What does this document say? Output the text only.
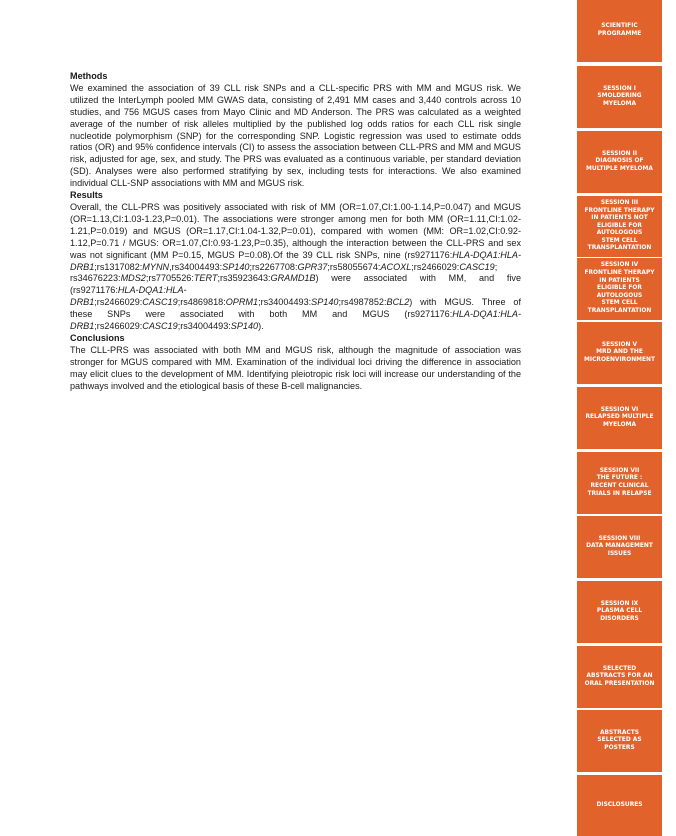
Methods

We examined the association of 39 CLL risk SNPs and a CLL-specific PRS with MM and MGUS risk. We utilized the InterLymph pooled MM GWAS data, consisting of 2,491 MM cases and 3,440 controls across 10 studies, and 756 MGUS cases from Mayo Clinic and MD Anderson. The PRS was calculated as a weighted average of the number of risk alleles multiplied by the published log odds ratios for each CLL risk single nucleotide polymorphism (SNP) for the corresponding SNP. Logistic regression was used to estimate odds ratios (OR) and 95% confidence intervals (CI) to assess the association between CLL-PRS and MM and MGUS risk, adjusted for age, sex, and study. The PRS was evaluated as a continuous variable, per standard deviation (SD). Analyses were also performed stratifying by sex, including tests for interactions. We also examined individual CLL-SNP associations with MM and MGUS risk.

Results

Overall, the CLL-PRS was positively associated with risk of MM (OR=1.07,CI:1.00-1.14,P=0.047) and MGUS (OR=1.13,CI:1.03-1.23,P=0.01). The associations were stronger among men for both MM (OR=1.11,CI:1.02-1.21,P=0.019) and MGUS (OR=1.17,CI:1.04-1.32,P=0.01), compared with women (MM: OR=1.02,CI:0.92-1.12,P=0.71 / MGUS: OR=1.07,CI:0.93-1.23,P=0.35), although the interaction between the CLL-PRS and sex was not significant (MM P=0.15, MGUS P=0.08).Of the 39 CLL risk SNPs, nine (rs9271176:HLA-DQA1:HLA-DRB1;rs1317082:MYNN,rs34004493:SP140;rs2267708:GPR37;rs58055674:ACOXL;rs2466029:CASC19; rs34676223:MDS2;rs7705526:TERT;rs35923643:GRAMD1B) were associated with MM, and five (rs9271176:HLA-DQA1:HLA-DRB1;rs2466029:CASC19;rs4869818:OPRM1;rs34004493:SP140;rs4987852:BCL2) with MGUS. Three of these SNPs were associated with both MM and MGUS (rs9271176:HLA-DQA1:HLA-DRB1;rs2466029:CASC19;rs34004493:SP140).

Conclusions

The CLL-PRS was associated with both MM and MGUS risk, although the magnitude of association was stronger for MGUS compared with MM. Examination of the individual loci driving the difference in association may elicit clues to the development of MM. Identifying pleiotropic risk loci will increase our understanding of the pathways involved and the etiological basis of these B-cell malignancies.

SCIENTIFIC
PROGRAMME
SESSION I
SMOLDERING
MYELOMA
SESSION II
DIAGNOSIS OF
MULTIPLE MYELOMA
SESSION III
FRONTLINE THERAPY
IN PATIENTS NOT
ELIGIBLE FOR
AUTOLOGOUS
STEM CELL
TRANSPLANTATION
SESSION IV
FRONTLINE THERAPY
IN PATIENTS
ELIGIBLE FOR
AUTOLOGOUS
STEM CELL
TRANSPLANTATION
SESSION V
MRD AND THE
MICROENVIRONMENT
SESSION VI
RELAPSED MULTIPLE
MYELOMA
SESSION VII
THE FUTURE :
RECENT CLINICAL
TRIALS IN RELAPSE
SESSION VIII
DATA MANAGEMENT
ISSUES
SESSION IX
PLASMA CELL
DISORDERS
SELECTED
ABSTRACTS FOR AN
ORAL PRESENTATION
ABSTRACTS
SELECTED AS
POSTERS
DISCLOSURES
